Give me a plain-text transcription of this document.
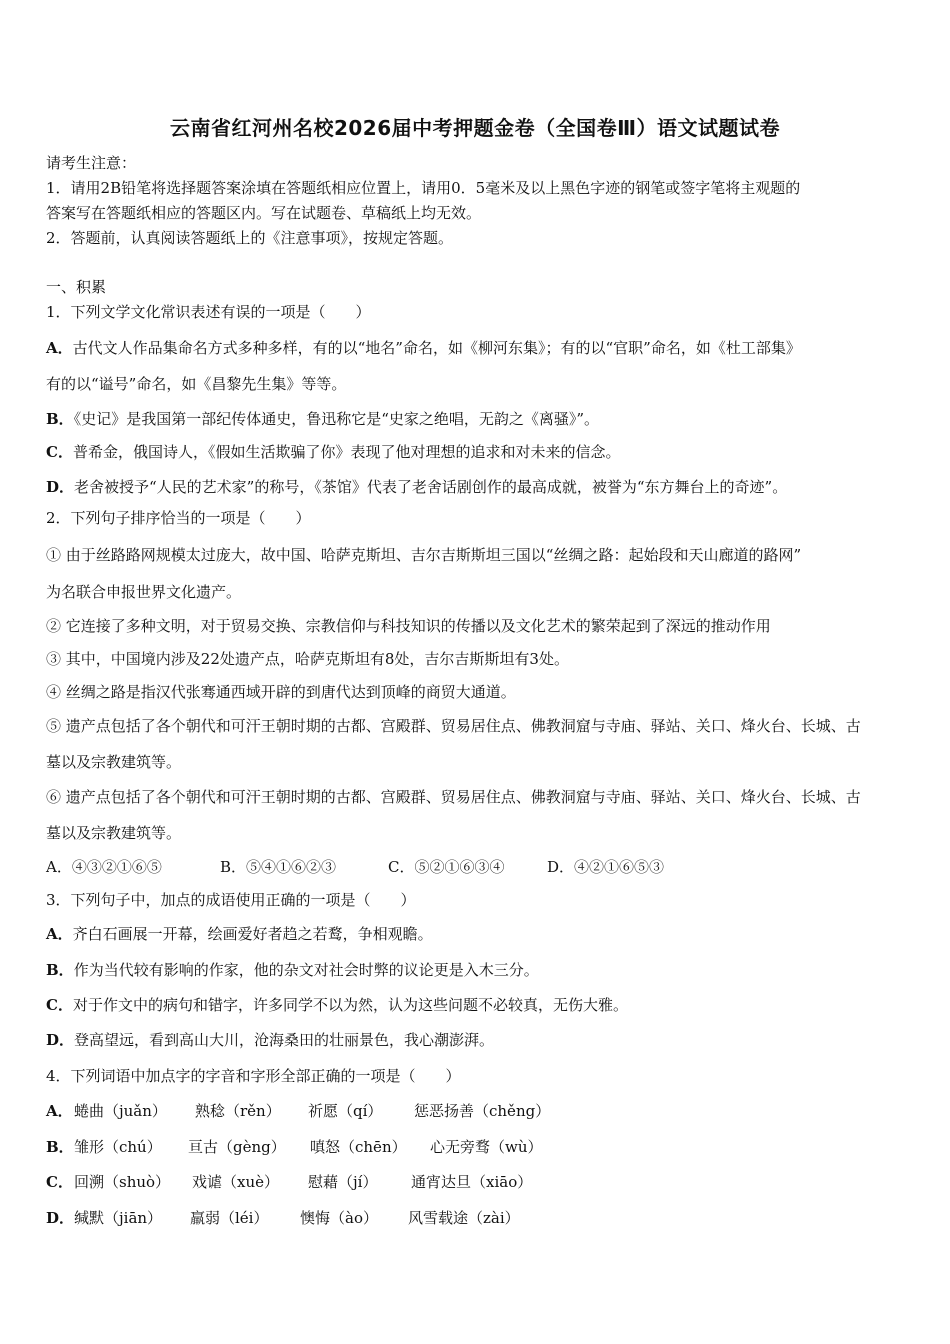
云南省红河州名校2026届中考押题金卷（全国卷Ⅲ）语文试题试卷
请考生注意：
1．请用2B铅笔将选择题答案涂填在答题纸相应位置上，请用0．5毫米及以上黑色字迹的钢笔或签字笔将主观题的
答案写在答题纸相应的答题区内。写在试题卷、草稿纸上均无效。
2．答题前，认真阅读答题纸上的《注意事项》，按规定答题。
一、积累
1．下列文学文化常识表述有误的一项是（　　）
A．古代文人作品集命名方式多种多样，有的以“地名”命名，如《柳河东集》；有的以“官职”命名，如《杜工部集》
有的以“谥号”命名，如《昌黎先生集》等等。
B．《史记》是我国第一部纪传体通史，鲁迅称它是“史家之绝唱，无韵之《离骚》”。
C．普希金，俄国诗人，《假如生活欺骗了你》表现了他对理想的追求和对未来的信念。
D．老舍被授予“人民的艺术家”的称号，《茶馆》代表了老舍话剧创作的最高成就，被誉为“东方舞台上的奇迹”。
2．下列句子排序恰当的一项是（　　）
① 由于丝路路网规模太过庞大，故中国、哈萨克斯坦、吉尔吉斯斯坦三国以“丝绸之路：起始段和天山廊道的路网”
为名联合申报世界文化遗产。
② 它连接了多种文明，对于贸易交换、宗教信仰与科技知识的传播以及文化艺术的繁荣起到了深远的推动作用
③ 其中，中国境内涉及22处遗产点，哈萨克斯坦有8处，吉尔吉斯斯坦有3处。
④ 丝绸之路是指汉代张骞通西域开辟的到唐代达到顶峰的商贸大通道。
⑤ 遗产点包括了各个朝代和可汗王朝时期的古都、宫殿群、贸易居住点、佛教洞窟与寺庙、驿站、关口、烽火台、长城、古
墓以及宗教建筑等。
⑥ 遗产点包括了各个朝代和可汗王朝时期的古都、宫殿群、贸易居住点、佛教洞窟与寺庙、驿站、关口、烽火台、长城、古
墓以及宗教建筑等。
A．④③②①⑥⑤	B．⑤④①⑥②③	C．⑤②①⑥③④	D．④②①⑥⑤③
3．下列句子中，加点的成语使用正确的一项是（　　）
A．齐白石画展一开幕，绘画爱好者趋之若鹜，争相观瞻。
B．作为当代较有影响的作家，他的杂文对社会时弊的议论更是入木三分。
C．对于作文中的病句和错字，许多同学不以为然，认为这些问题不必较真，无伤大雅。
D．登高望远，看到高山大川，沧海桑田的壮丽景色，我心潮澎湃。
4．下列词语中加点字的字音和字形全部正确的一项是（　　）
A． 蜷曲（juǎn） 熟稔（rěn） 祈愿（qí） 惩恶扬善（chěng）
B． 雏形（chú） 亘古（gèng） 嗔怒（chēn） 心无旁骛（wù）
C． 回溯（shuò） 戏谑（xuè） 慰藉（jí） 通宵达旦（xiāo）
D． 缄默（jiān） 羸弱（léi） 懊悔（ào） 风雪载途（zài）
